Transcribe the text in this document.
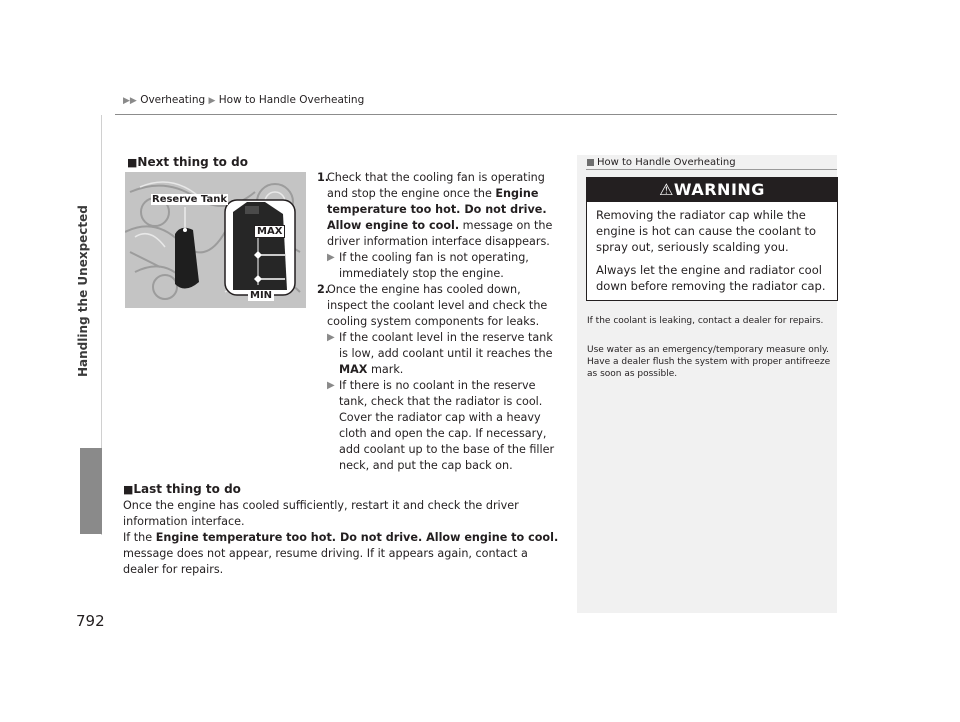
▶▶ Overheating ▶ How to Handle Overheating
Handling the Unexpected
792
■Next thing to do
Reserve Tank
MAX
MIN
1.
Check that the cooling fan is operating and stop the engine once the Engine temperature too hot. Do not drive. Allow engine to cool. message on the driver information interface disappears.
▶ If the cooling fan is not operating, immediately stop the engine.
2.
Once the engine has cooled down, inspect the coolant level and check the cooling system components for leaks.
▶ If the coolant level in the reserve tank is low, add coolant until it reaches the MAX mark.
▶ If there is no coolant in the reserve tank, check that the radiator is cool. Cover the radiator cap with a heavy cloth and open the cap. If necessary, add coolant up to the base of the filler neck, and put the cap back on.
■Last thing to do

Once the engine has cooled sufficiently, restart it and check the driver information interface.

If the Engine temperature too hot. Do not drive. Allow engine to cool. message does not appear, resume driving. If it appears again, contact a dealer for repairs.

How to Handle Overheating
⚠WARNING
Removing the radiator cap while the engine is hot can cause the coolant to spray out, seriously scalding you.
Always let the engine and radiator cool down before removing the radiator cap.
If the coolant is leaking, contact a dealer for repairs.
Use water as an emergency/temporary measure only. Have a dealer flush the system with proper antifreeze as soon as possible.
